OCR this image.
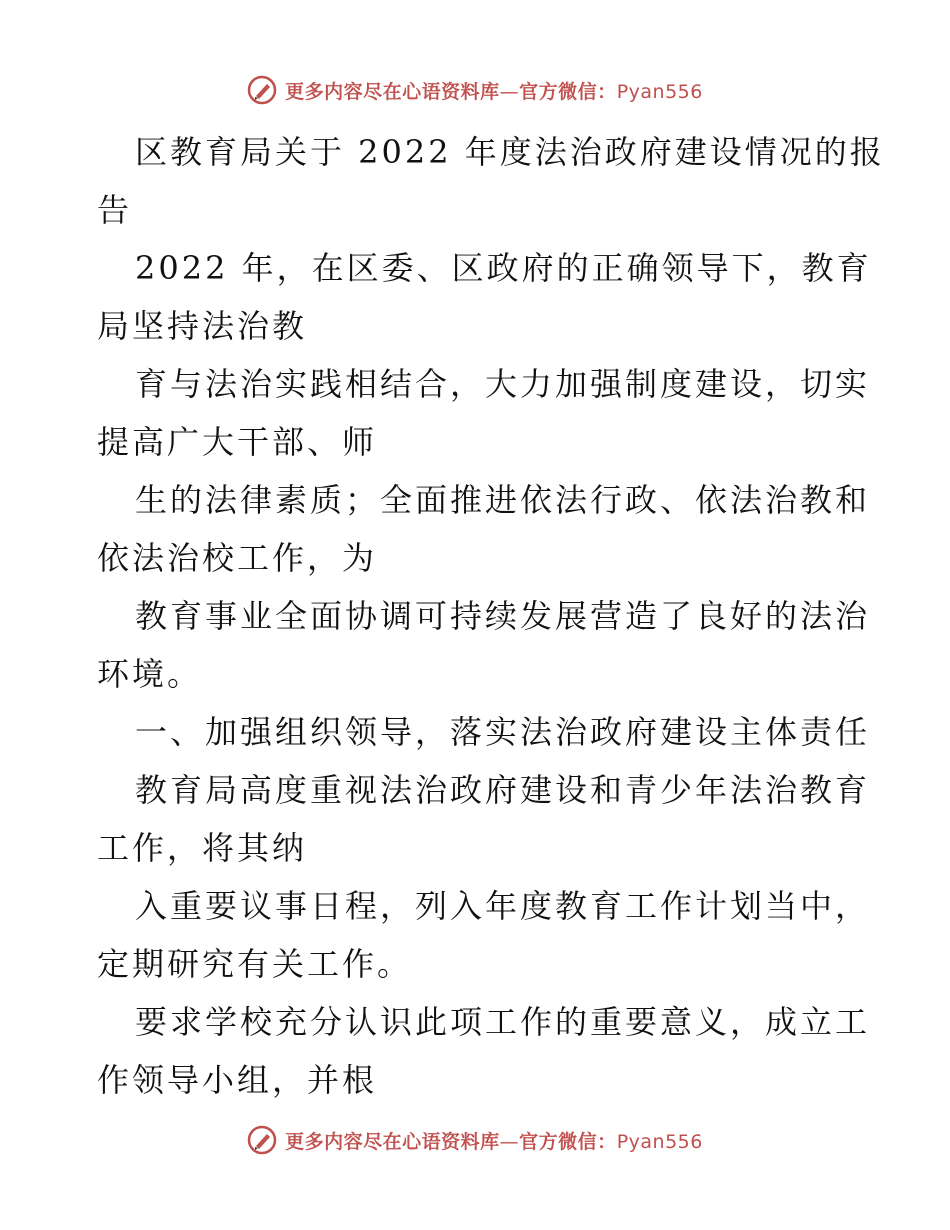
更多内容尽在心语资料库—官方微信：Pyan556
区教育局关于 2022 年度法治政府建设情况的报
告
2022 年，在区委、区政府的正确领导下，教育
局坚持法治教
育与法治实践相结合，大力加强制度建设，切实
提高广大干部、师
生的法律素质；全面推进依法行政、依法治教和
依法治校工作，为
教育事业全面协调可持续发展营造了良好的法治
环境。
一、加强组织领导，落实法治政府建设主体责任
教育局高度重视法治政府建设和青少年法治教育
工作，将其纳
入重要议事日程，列入年度教育工作计划当中，
定期研究有关工作。
要求学校充分认识此项工作的重要意义，成立工
作领导小组，并根
更多内容尽在心语资料库—官方微信：Pyan556
